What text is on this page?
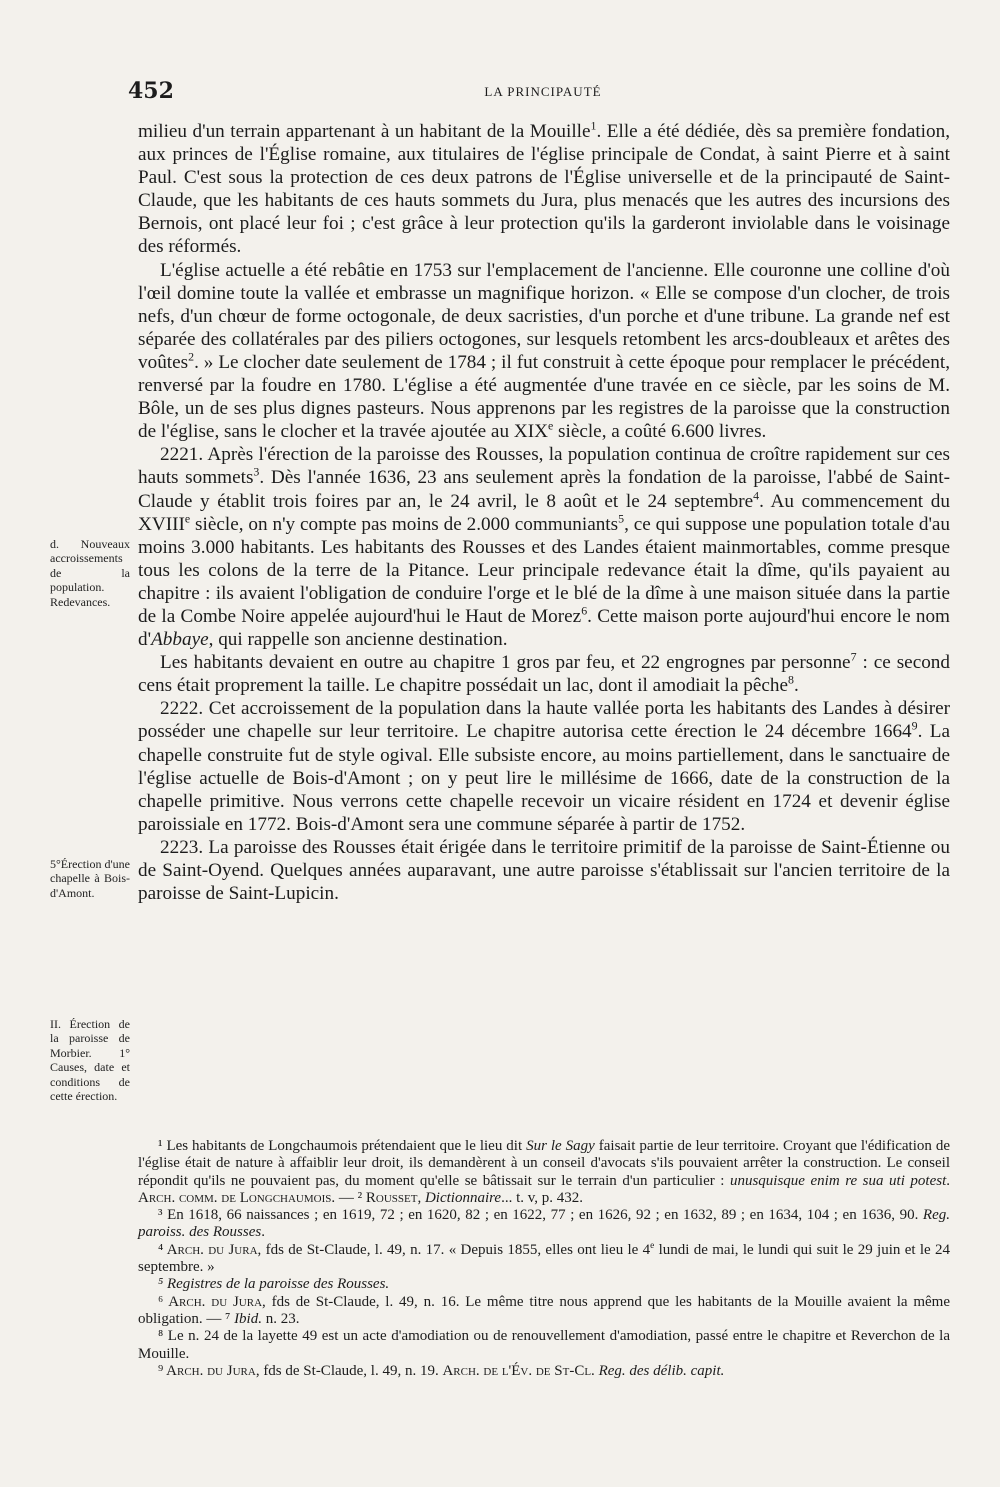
452	LA PRINCIPAUTÉ
d. Nouveaux accroissements de la population. Redevances.
5°Érection d'une chapelle à Bois-d'Amont.
II. Érection de la paroisse de Morbier. 1° Causes, date et conditions de cette érection.

milieu d'un terrain appartenant à un habitant de la Mouille$^1$. Elle a été dédiée, dès sa première fondation, aux princes de l'Église romaine, aux titulaires de l'église principale de Condat, à saint Pierre et à saint Paul. C'est sous la protection de ces deux patrons de l'Église universelle et de la principauté de Saint-Claude, que les habitants de ces hauts sommets du Jura, plus menacés que les autres des incursions des Bernois, ont placé leur foi ; c'est grâce à leur protection qu'ils la garderont inviolable dans le voisinage des réformés.

L'église actuelle a été rebâtie en 1753 sur l'emplacement de l'ancienne. Elle couronne une colline d'où l'œil domine toute la vallée et embrasse un magnifique horizon. « Elle se compose d'un clocher, de trois nefs, d'un chœur de forme octogonale, de deux sacristies, d'un porche et d'une tribune. La grande nef est séparée des collatérales par des piliers octogones, sur lesquels retombent les arcs-doubleaux et arêtes des voûtes$^2$. » Le clocher date seulement de 1784 ; il fut construit à cette époque pour remplacer le précédent, renversé par la foudre en 1780. L'église a été augmentée d'une travée en ce siècle, par les soins de M. Bôle, un de ses plus dignes pasteurs. Nous apprenons par les registres de la paroisse que la construction de l'église, sans le clocher et la travée ajoutée au XIXe siècle, a coûté 6.600 livres.

2221. Après l'érection de la paroisse des Rousses, la population continua de croître rapidement sur ces hauts sommets$^3$. Dès l'année 1636, 23 ans seulement après la fondation de la paroisse, l'abbé de Saint-Claude y établit trois foires par an, le 24 avril, le 8 août et le 24 septembre$^4$. Au commencement du XVIIIe siècle, on n'y compte pas moins de 2.000 communiants$^5$, ce qui suppose une population totale d'au moins 3.000 habitants. Les habitants des Rousses et des Landes étaient mainmortables, comme presque tous les colons de la terre de la Pitance. Leur principale redevance était la dîme, qu'ils payaient au chapitre : ils avaient l'obligation de conduire l'orge et le blé de la dîme à une maison située dans la partie de la Combe Noire appelée aujourd'hui le Haut de Morez$^6$. Cette maison porte aujourd'hui encore le nom d'Abbaye, qui rappelle son ancienne destination.

Les habitants devaient en outre au chapitre 1 gros par feu, et 22 engrognes par personne$^7$ : ce second cens était proprement la taille. Le chapitre possédait un lac, dont il amodiait la pêche$^8$.

2222. Cet accroissement de la population dans la haute vallée porta les habitants des Landes à désirer posséder une chapelle sur leur territoire. Le chapitre autorisa cette érection le 24 décembre 1664$^9$. La chapelle construite fut de style ogival. Elle subsiste encore, au moins partiellement, dans le sanctuaire de l'église actuelle de Bois-d'Amont ; on y peut lire le millésime de 1666, date de la construction de la chapelle primitive. Nous verrons cette chapelle recevoir un vicaire résident en 1724 et devenir église paroissiale en 1772. Bois-d'Amont sera une commune séparée à partir de 1752.

2223. La paroisse des Rousses était érigée dans le territoire primitif de la paroisse de Saint-Étienne ou de Saint-Oyend. Quelques années auparavant, une autre paroisse s'établissait sur l'ancien territoire de la paroisse de Saint-Lupicin.

¹ Les habitants de Longchaumois prétendaient que le lieu dit Sur le Sagy faisait partie de leur territoire. Croyant que l'édification de l'église était de nature à affaiblir leur droit, ils demandèrent à un conseil d'avocats s'ils pouvaient arrêter la construction. Le conseil répondit qu'ils ne pouvaient pas, du moment qu'elle se bâtissait sur le terrain d'un particulier : unusquisque enim re sua uti potest. Arch. comm. de Longchaumois. — ² Rousset, Dictionnaire... t. v, p. 432.

³ En 1618, 66 naissances ; en 1619, 72 ; en 1620, 82 ; en 1622, 77 ; en 1626, 92 ; en 1632, 89 ; en 1634, 104 ; en 1636, 90. Reg. paroiss. des Rousses.

⁴ Arch. du Jura, fds de St-Claude, l. 49, n. 17. « Depuis 1855, elles ont lieu le 4e lundi de mai, le lundi qui suit le 29 juin et le 24 septembre. »

⁵ Registres de la paroisse des Rousses.

⁶ Arch. du Jura, fds de St-Claude, l. 49, n. 16. Le même titre nous apprend que les habitants de la Mouille avaient la même obligation. — ⁷ Ibid. n. 23.

⁸ Le n. 24 de la layette 49 est un acte d'amodiation ou de renouvellement d'amodiation, passé entre le chapitre et Reverchon de la Mouille.

⁹ Arch. du Jura, fds de St-Claude, l. 49, n. 19. Arch. de l'Év. de St-Cl. Reg. des délib. capit.
